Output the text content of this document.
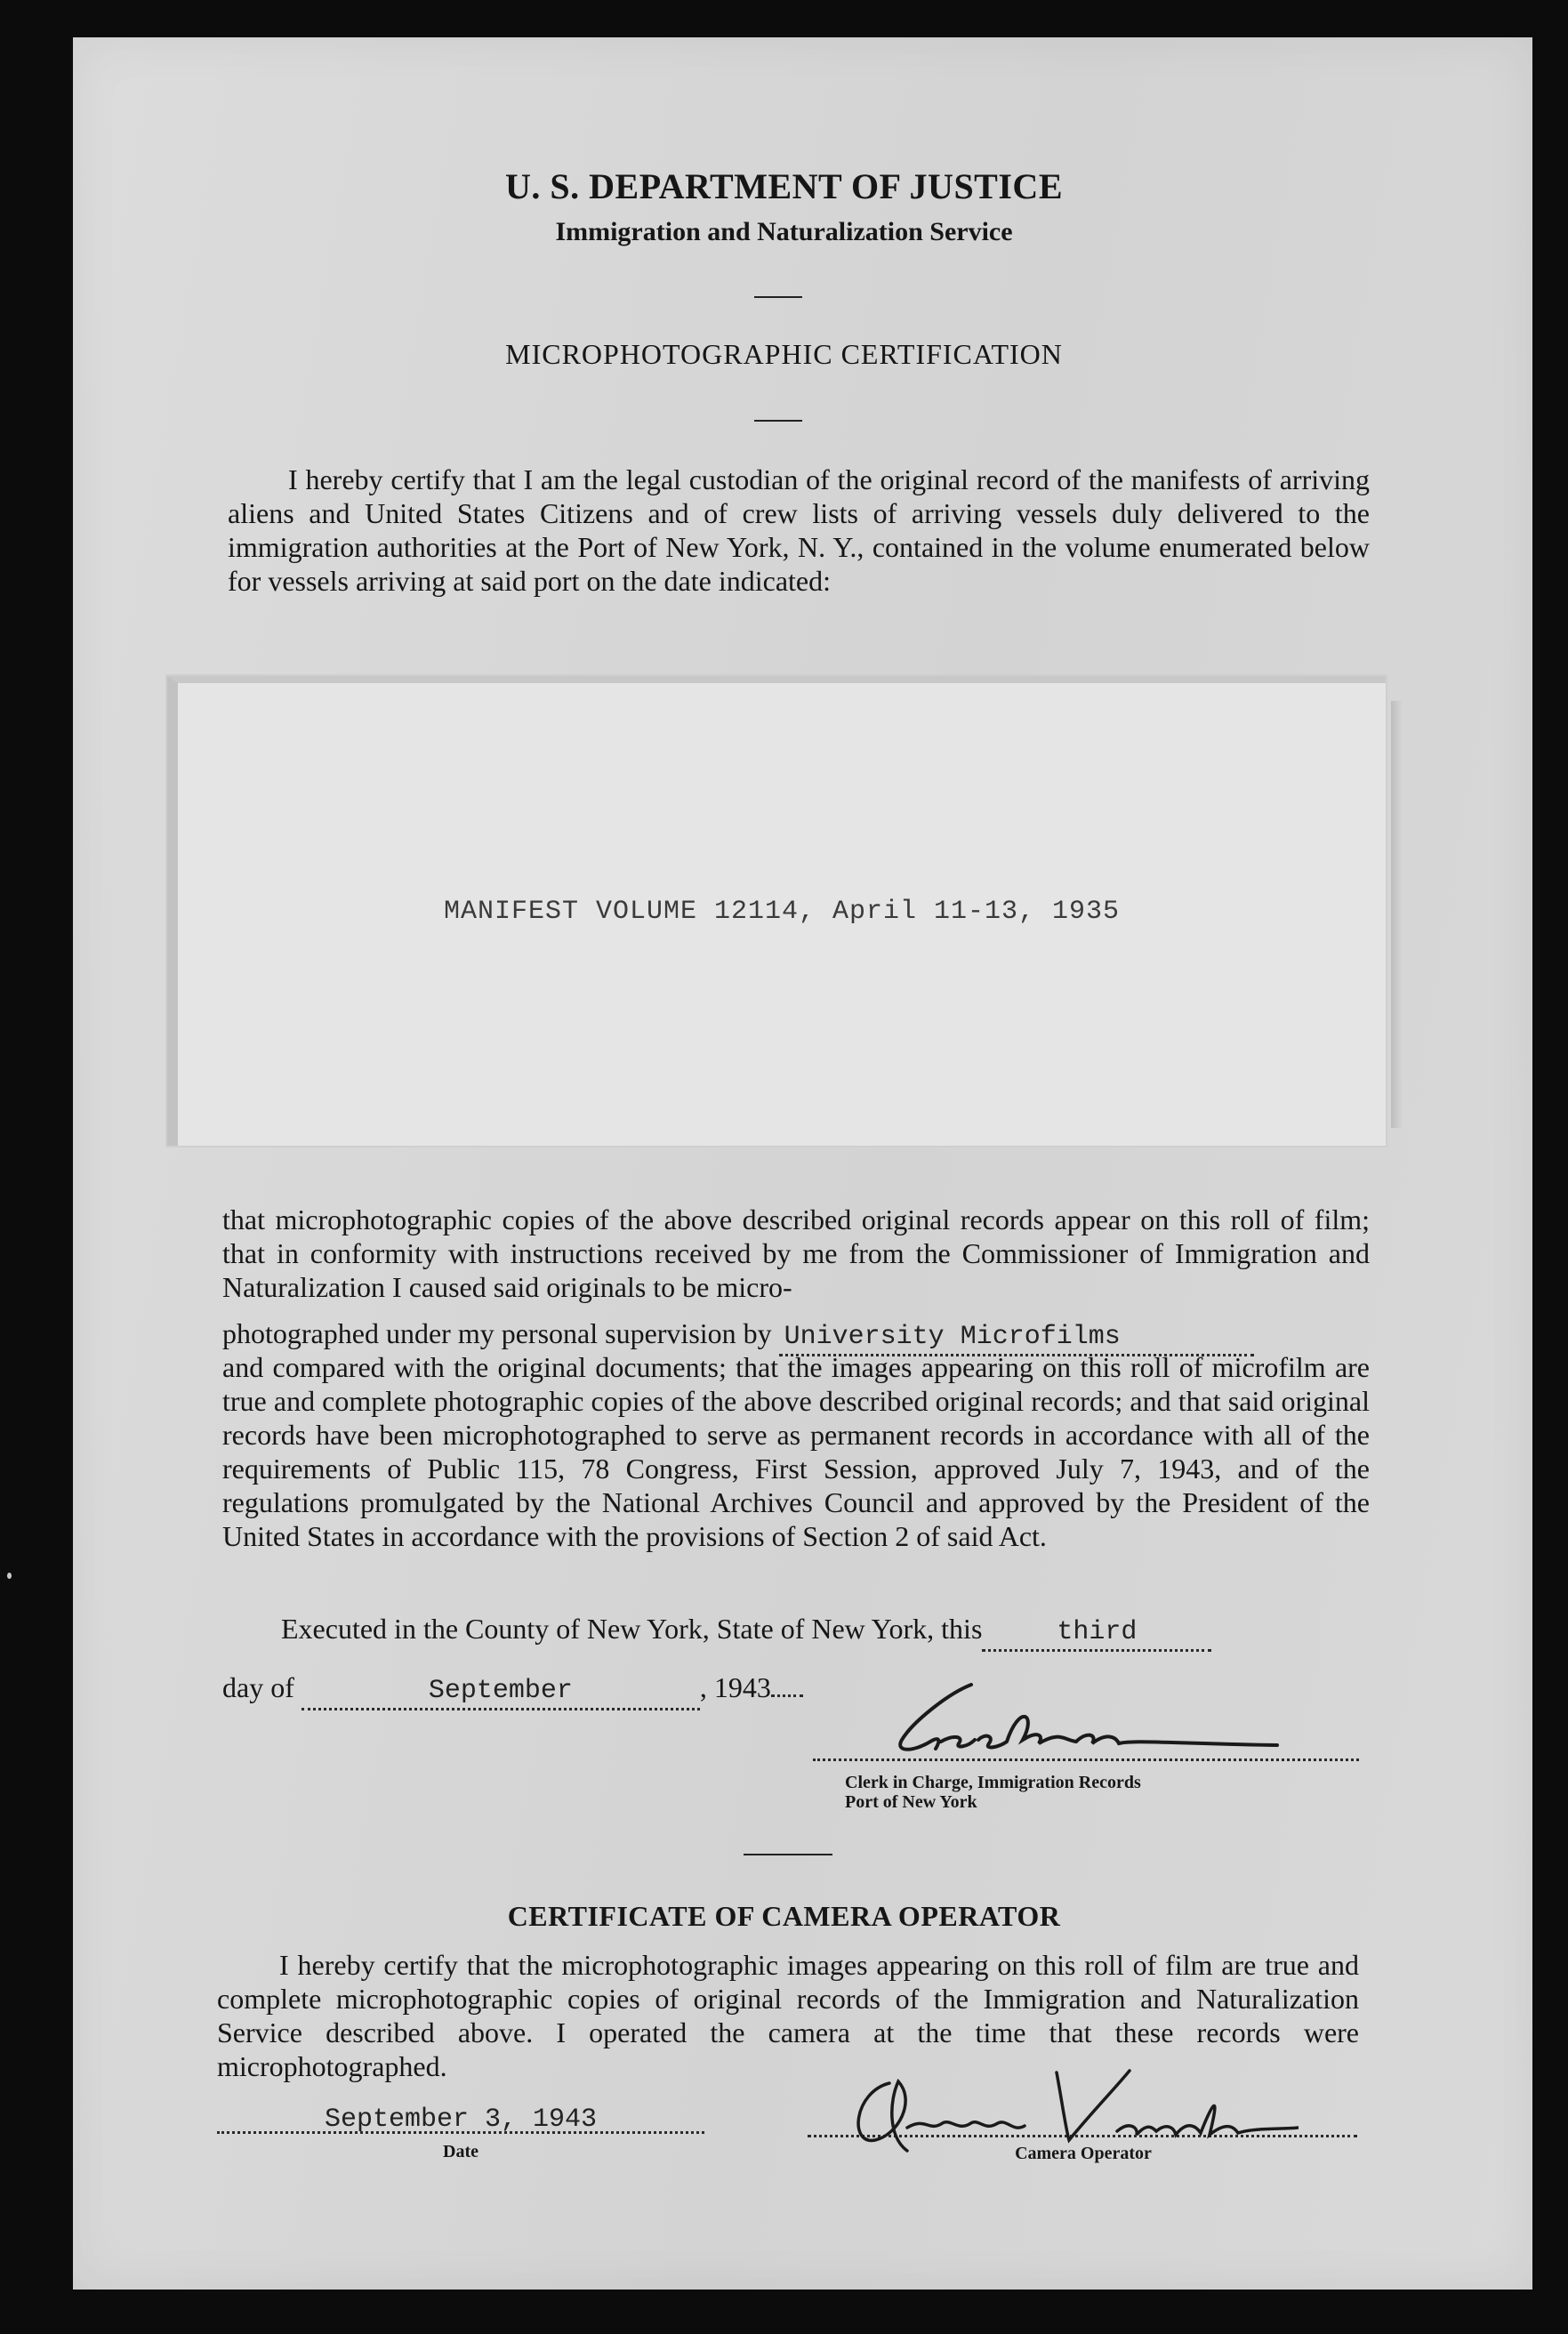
U. S. DEPARTMENT OF JUSTICE
Immigration and Naturalization Service
MICROPHOTOGRAPHIC CERTIFICATION
I hereby certify that I am the legal custodian of the original record of the manifests of arriving aliens and United States Citizens and of crew lists of arriving vessels duly delivered to the immigration authorities at the Port of New York, N. Y., contained in the volume enumerated below for vessels arriving at said port on the date indicated:
MANIFEST VOLUME 12114, April 11-13, 1935
that microphotographic copies of the above described original records appear on this roll of film; that in conformity with instructions received by me from the Commissioner of Immigration and Naturalization I caused said originals to be micro-
photographed under my personal supervision by University Microfilms
and compared with the original documents; that the images appearing on this roll of microfilm are true and complete photographic copies of the above described original records; and that said original records have been microphotographed to serve as permanent records in accordance with all of the requirements of Public 115, 78 Congress, First Session, approved July 7, 1943, and of the regulations promulgated by the National Archives Council and approved by the President of the United States in accordance with the provisions of Section 2 of said Act.
Executed in the County of New York, State of New York, this	third
day of	September	, 1943
Clerk in Charge, Immigration Records
Port of New York
CERTIFICATE OF CAMERA OPERATOR
I hereby certify that the microphotographic images appearing on this roll of film are true and complete microphotographic copies of original records of the Immigration and Naturalization Service described above. I operated the camera at the time that these records were microphotographed.
September 3, 1943
Date	Camera Operator
